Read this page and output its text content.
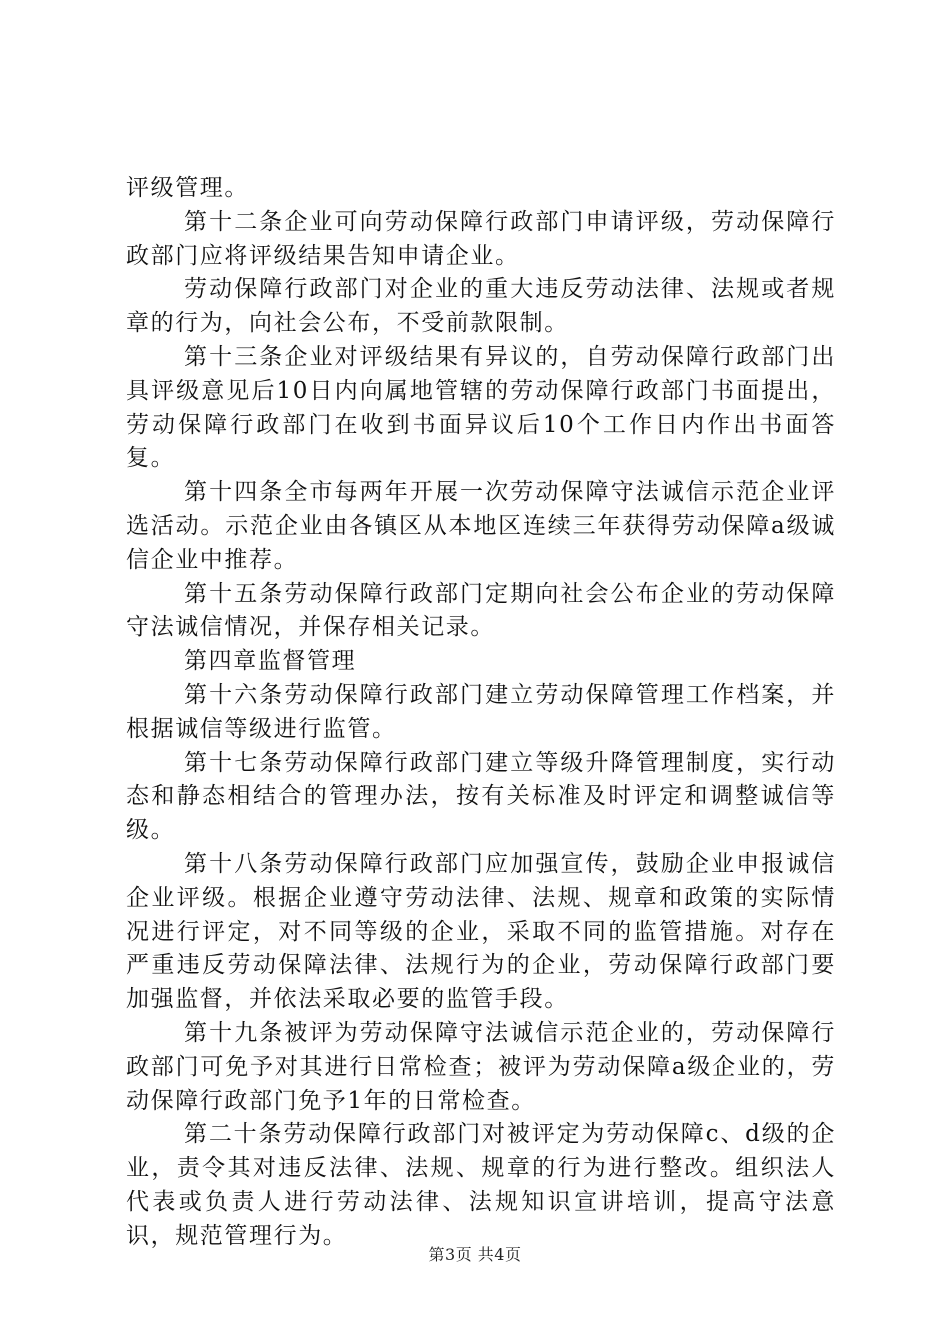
评级管理。

第十二条企业可向劳动保障行政部门申请评级，劳动保障行政部门应将评级结果告知申请企业。

劳动保障行政部门对企业的重大违反劳动法律、法规或者规章的行为，向社会公布，不受前款限制。

第十三条企业对评级结果有异议的，自劳动保障行政部门出具评级意见后10日内向属地管辖的劳动保障行政部门书面提出，劳动保障行政部门在收到书面异议后10个工作日内作出书面答复。

第十四条全市每两年开展一次劳动保障守法诚信示范企业评选活动。示范企业由各镇区从本地区连续三年获得劳动保障a级诚信企业中推荐。

第十五条劳动保障行政部门定期向社会公布企业的劳动保障守法诚信情况，并保存相关记录。

第四章监督管理

第十六条劳动保障行政部门建立劳动保障管理工作档案，并根据诚信等级进行监管。

第十七条劳动保障行政部门建立等级升降管理制度，实行动态和静态相结合的管理办法，按有关标准及时评定和调整诚信等级。

第十八条劳动保障行政部门应加强宣传，鼓励企业申报诚信企业评级。根据企业遵守劳动法律、法规、规章和政策的实际情况进行评定，对不同等级的企业，采取不同的监管措施。对存在严重违反劳动保障法律、法规行为的企业，劳动保障行政部门要加强监督，并依法采取必要的监管手段。

第十九条被评为劳动保障守法诚信示范企业的，劳动保障行政部门可免予对其进行日常检查；被评为劳动保障a级企业的，劳动保障行政部门免予1年的日常检查。

第二十条劳动保障行政部门对被评定为劳动保障c、d级的企业，责令其对违反法律、法规、规章的行为进行整改。组织法人代表或负责人进行劳动法律、法规知识宣讲培训，提高守法意识，规范管理行为。

第3页 共4页
